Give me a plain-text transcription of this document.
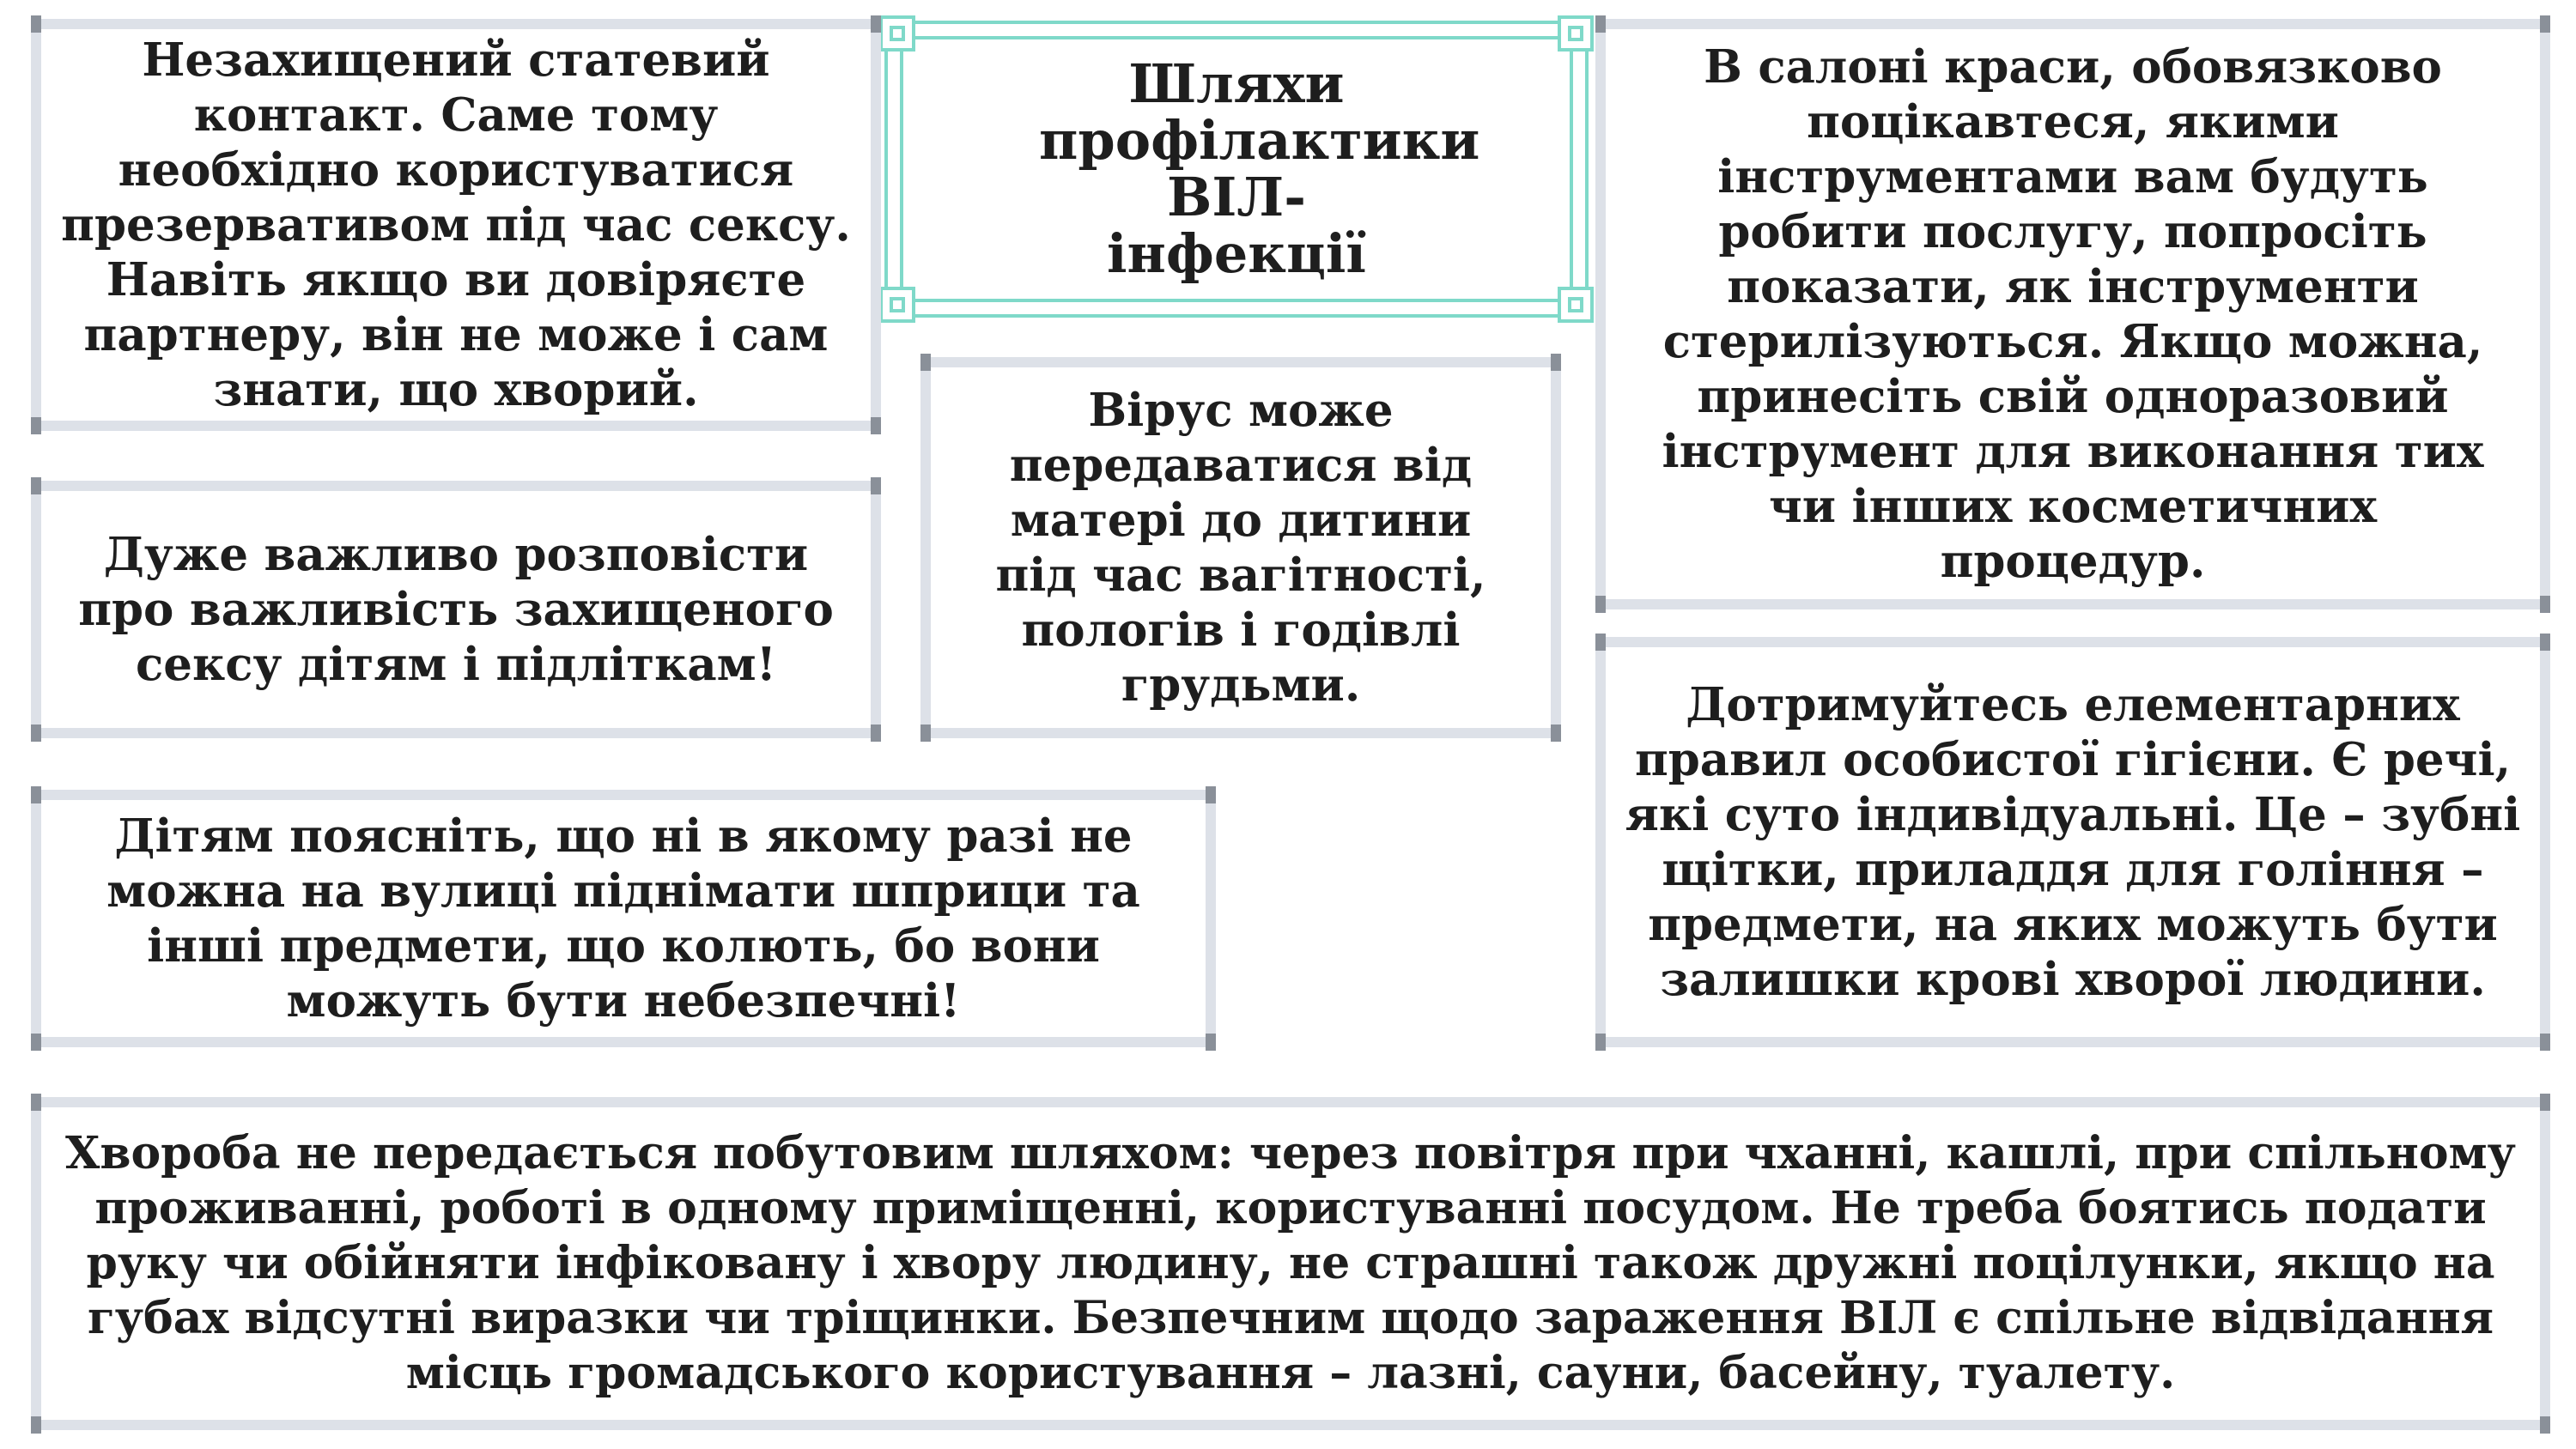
Шляхи профілактики ВІЛ-інфекції

Незахищений статевий контакт. Саме тому необхідно користуватися презервативом під час сексу. Навіть якщо ви довіряєте партнеру, він не може і сам знати, що хворий.

В салоні краси, обовязково поцікавтеся, якими інструментами вам будуть робити послугу, попросіть показати, як інструменти стерилізуються. Якщо можна, принесіть свій одноразовий інструмент для виконання тих чи інших косметичних процедур.

Вірус може передаватися від матері до дитини під час вагітності, пологів і годівлі грудьми.

Дуже важливо розповісти про важливість захищеного сексу дітям і підліткам!

Дотримуйтесь елементарних правил особистої гігієни. Є речі, які суто індивідуальні. Це – зубні щітки, приладдя для гоління – предмети, на яких можуть бути залишки крові хворої людини.

Дітям поясніть, що ні в якому разі не можна на вулиці піднімати шприци та інші предмети, що колють, бо вони можуть бути небезпечні!

Хвороба не передається побутовим шляхом: через повітря при чханні, кашлі, при спільному проживанні, роботі в одному приміщенні, користуванні посудом. Не треба боятись подати руку чи обійняти інфіковану і хвору людину, не страшні також дружні поцілунки, якщо на губах відсутні виразки чи тріщинки. Безпечним щодо зараження ВІЛ є спільне відвідання місць громадського користування – лазні, сауни, басейну, туалету.
